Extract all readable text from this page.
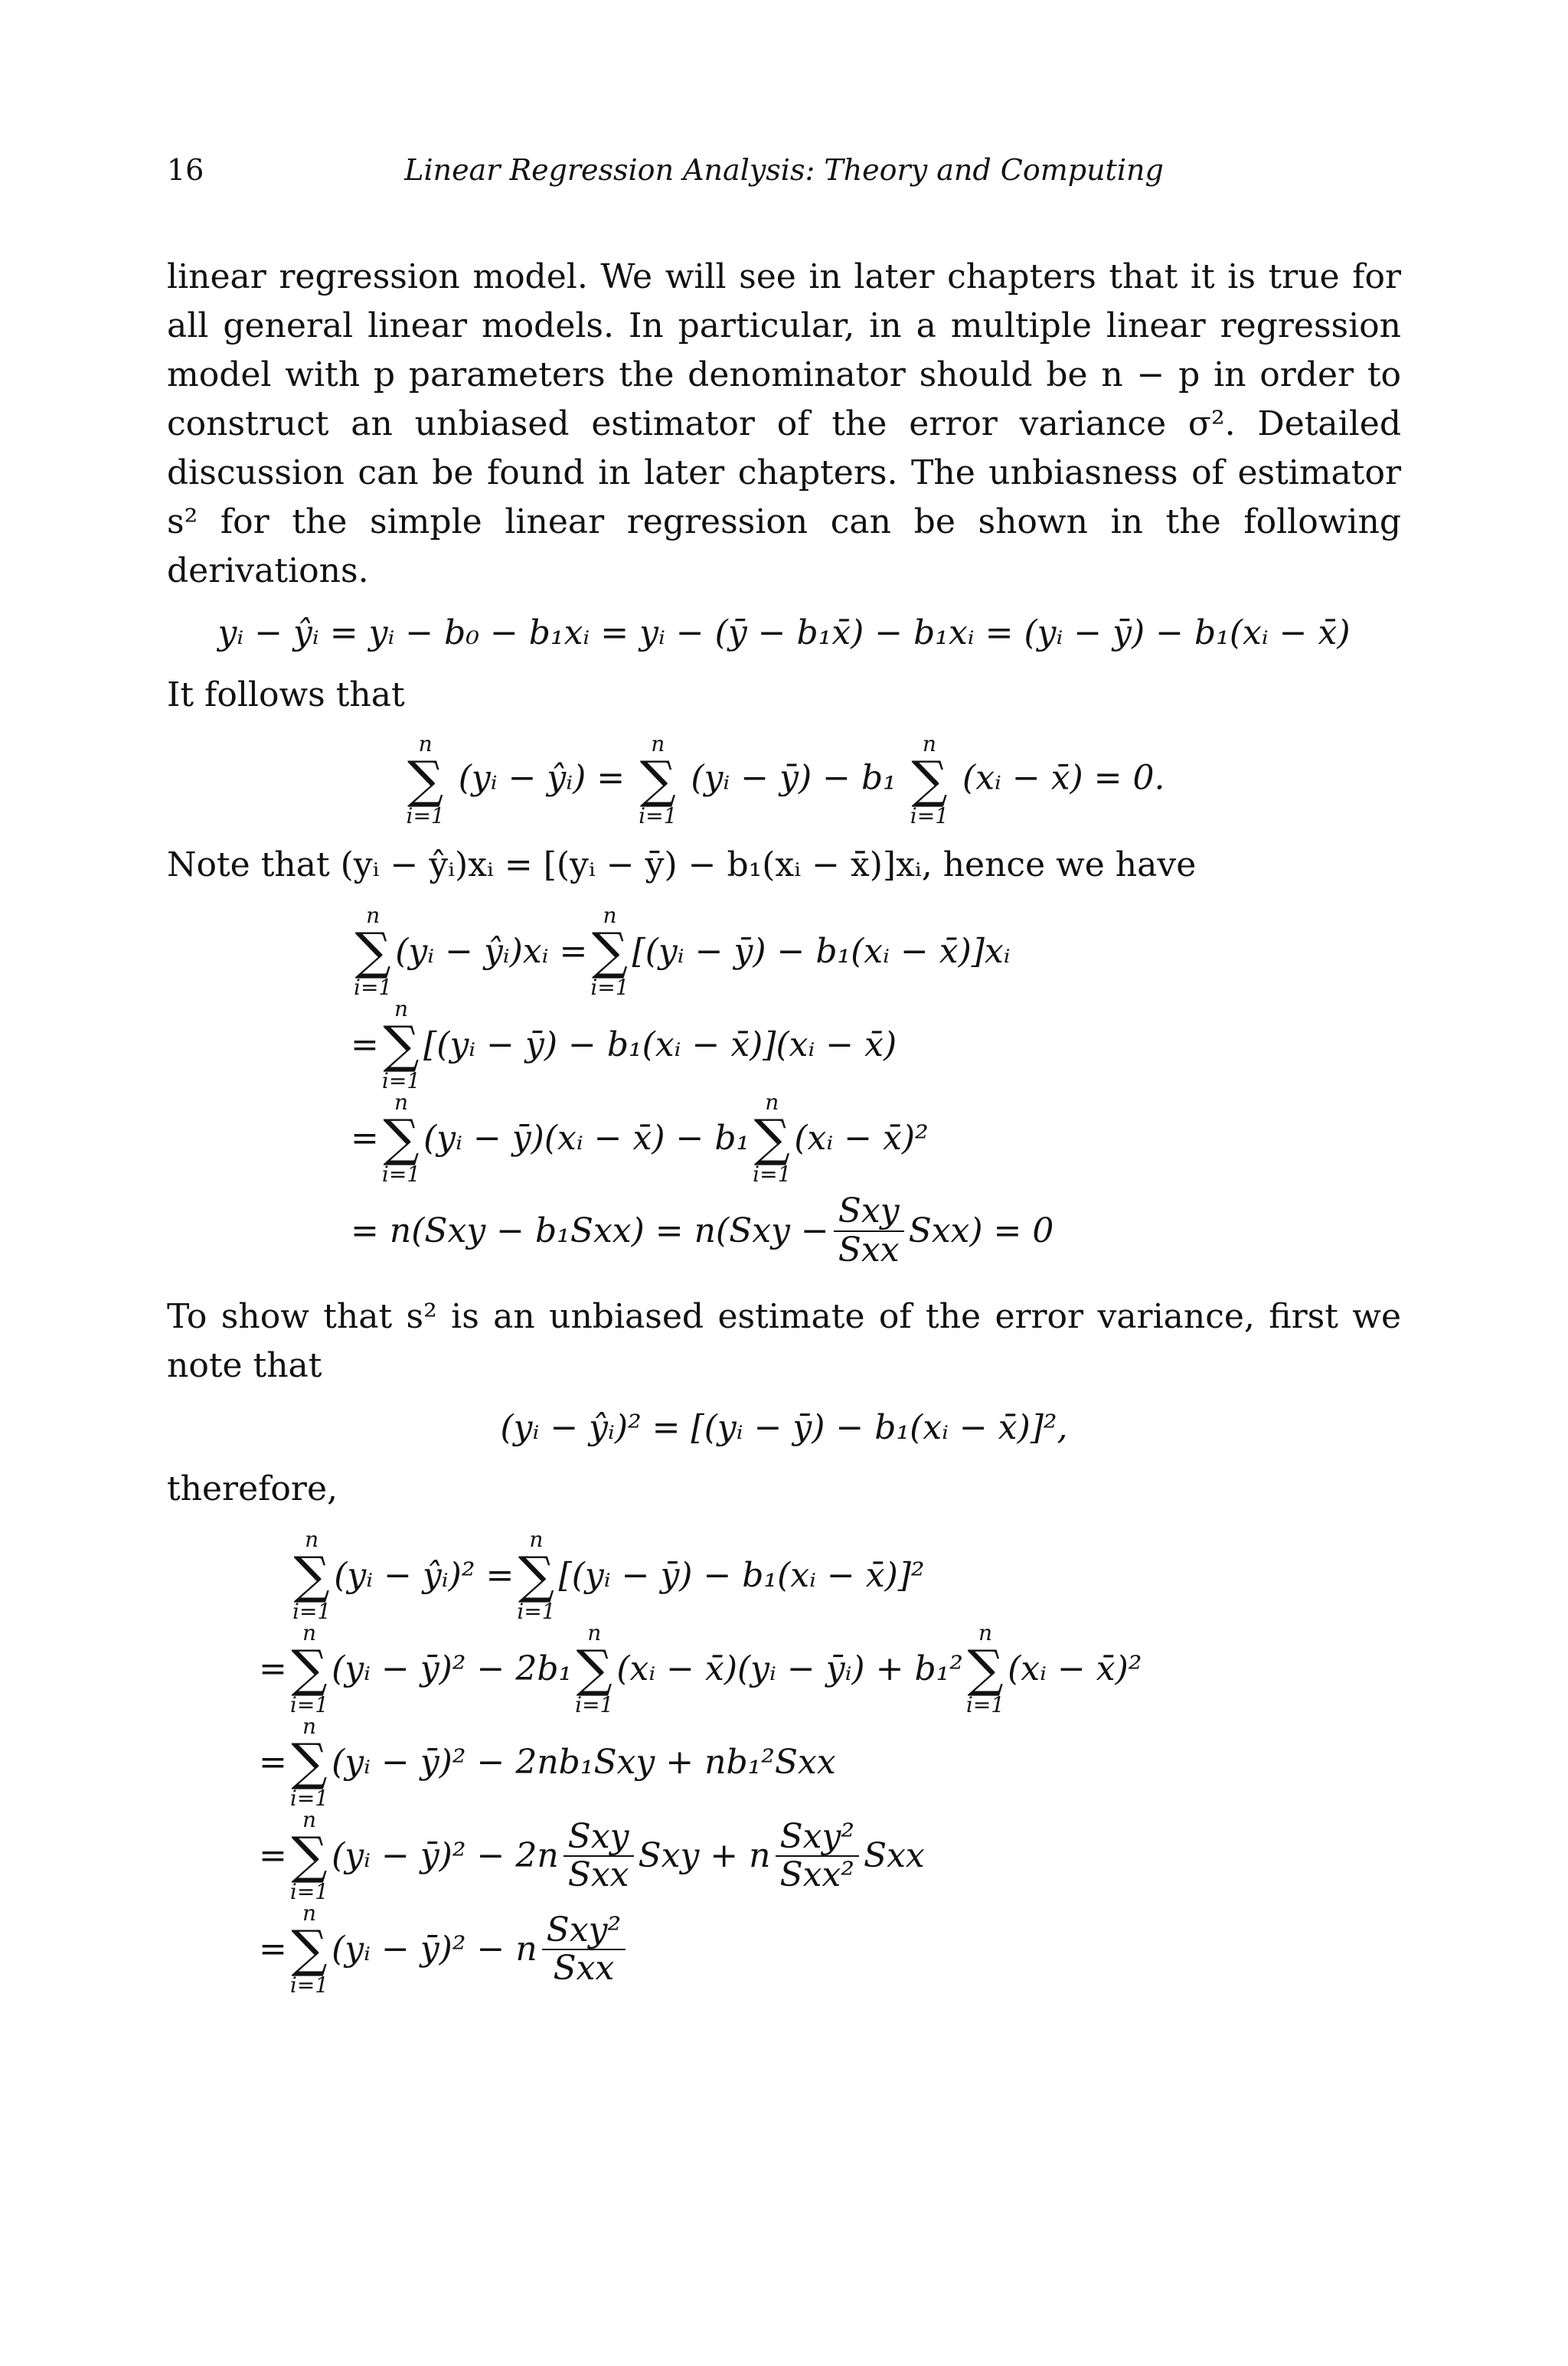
16	Linear Regression Analysis: Theory and Computing

linear regression model. We will see in later chapters that it is true for all general linear models. In particular, in a multiple linear regression model with p parameters the denominator should be n − p in order to construct an unbiased estimator of the error variance σ². Detailed discussion can be found in later chapters. The unbiasness of estimator s² for the simple linear regression can be shown in the following derivations.

yᵢ − ŷᵢ = yᵢ − b₀ − b₁xᵢ = yᵢ − (ȳ − b₁x̄) − b₁xᵢ = (yᵢ − ȳ) − b₁(xᵢ − x̄)

It follows that

n
∑
i=1
(yᵢ − ŷᵢ) =
n
∑
i=1
(yᵢ − ȳ) − b₁
n
∑
i=1
(xᵢ − x̄) = 0.

Note that (yᵢ − ŷᵢ)xᵢ = [(yᵢ − ȳ) − b₁(xᵢ − x̄)]xᵢ, hence we have

n
∑
i=1
(yᵢ − ŷᵢ)xᵢ =
n
∑
i=1
[(yᵢ − ȳ) − b₁(xᵢ − x̄)]xᵢ
=
n
∑
i=1
[(yᵢ − ȳ) − b₁(xᵢ − x̄)](xᵢ − x̄)
=
n
∑
i=1
(yᵢ − ȳ)(xᵢ − x̄) − b₁
n
∑
i=1
(xᵢ − x̄)²
= $n(Sxy - b_1Sxx) = n(Sxy - \frac{\text{Sxy}}{\text{Sxx}} Sxx) = 0$

To show that s² is an unbiased estimate of the error variance, first we note that

(yᵢ − ŷᵢ)² = [(yᵢ − ȳ) − b₁(xᵢ − x̄)]²,

therefore,

n
∑
i=1
(yᵢ − ŷᵢ)² =
n
∑
i=1
[(yᵢ − ȳ) − b₁(xᵢ − x̄)]²
=
n
∑
i=1
(yᵢ − ȳ)² − 2b₁
n
∑
i=1
(xᵢ − x̄)(yᵢ − ȳᵢ) + b₁²
n
∑
i=1
(xᵢ − x̄)²
=
n
∑
i=1
(yᵢ − ȳ)² − 2nb₁Sxy + nb₁²Sxx
=
n
∑
i=1
(yᵢ − ȳ)² − $2n \frac{\text{Sxy}}{\text{Sxx}}$ Sxy + n $\frac{\text{Sxy²}}{\text{Sxx²}}$ Sxx
=
n
∑
i=1
(yᵢ − ȳ)² − n $\frac{\text{Sxy²}}{\text{Sxx}}$
